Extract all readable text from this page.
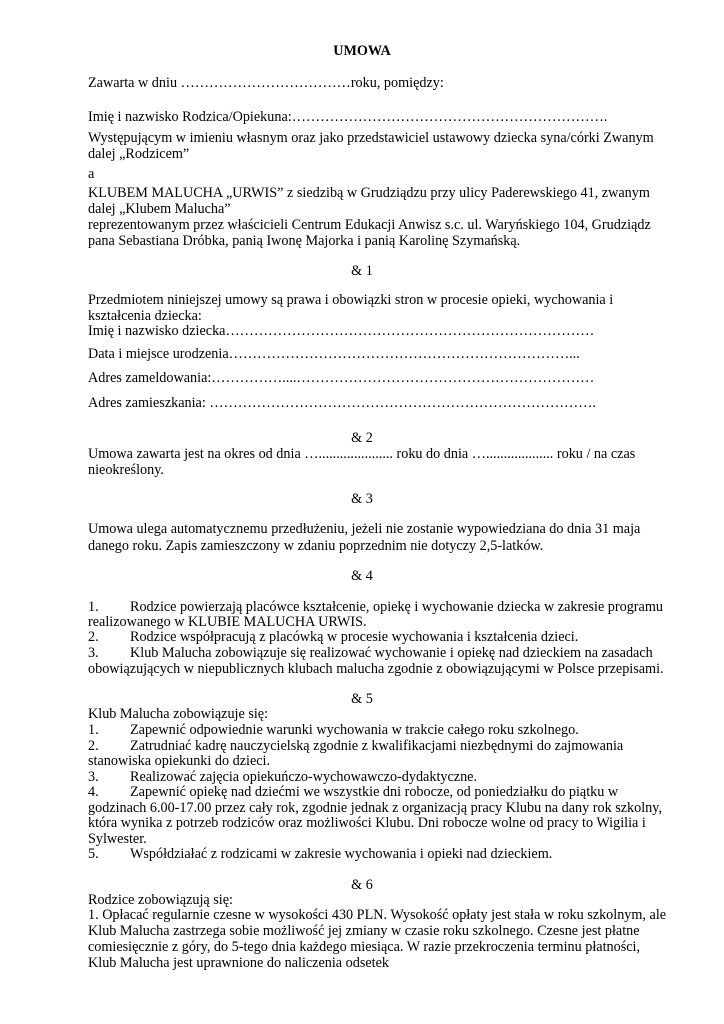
UMOWA
Zawarta w dniu ………………………………roku, pomiędzy:
Imię i nazwisko Rodzica/Opiekuna:………………………………………………………….
Występującym w imieniu własnym oraz jako przedstawiciel ustawowy dziecka syna/córki Zwanym
dalej „Rodzicem”
a
KLUBEM MALUCHA „URWIS” z siedzibą w Grudziądzu przy ulicy Paderewskiego 41, zwanym
dalej „Klubem Malucha”
reprezentowanym przez właścicieli Centrum Edukacji Anwisz s.c. ul. Waryńskiego 104, Grudziądz
pana Sebastiana Dróbka, panią Iwonę Majorka i panią Karolinę Szymańską.
& 1
Przedmiotem niniejszej umowy są prawa i obowiązki stron w procesie opieki, wychowania i
kształcenia dziecka:
Imię i nazwisko dziecka……………………………………………………………………
Data i miejsce urodzenia………………………………………………………………...
Adres zameldowania:……………....………………………………………………………
Adres zamieszkania: ……………………………………………………………………….
& 2
Umowa zawarta jest na okres od dnia …..................... roku do dnia …................... roku / na czas
nieokreślony.
& 3
Umowa ulega automatycznemu przedłużeniu, jeżeli nie zostanie wypowiedziana do dnia 31 maja
danego roku. Zapis zamieszczony w zdaniu poprzednim nie dotyczy 2,5-latków.
& 4
1. Rodzice powierzają placówce kształcenie, opiekę i wychowanie dziecka w zakresie programu
realizowanego w KLUBIE MALUCHA URWIS.
2. Rodzice współpracują z placówką w procesie wychowania i kształcenia dzieci.
3. Klub Malucha zobowiązuje się realizować wychowanie i opiekę nad dzieckiem na zasadach
obowiązujących w niepublicznych klubach malucha zgodnie z obowiązującymi w Polsce przepisami.
& 5
Klub Malucha zobowiązuje się:
1. Zapewnić odpowiednie warunki wychowania w trakcie całego roku szkolnego.
2. Zatrudniać kadrę nauczycielską zgodnie z kwalifikacjami niezbędnymi do zajmowania
stanowiska opiekunki do dzieci.
3. Realizować zajęcia opiekuńczo-wychowawczo-dydaktyczne.
4. Zapewnić opiekę nad dziećmi we wszystkie dni robocze, od poniedziałku do piątku w
godzinach 6.00-17.00 przez cały rok, zgodnie jednak z organizacją pracy Klubu na dany rok szkolny,
która wynika z potrzeb rodziców oraz możliwości Klubu. Dni robocze wolne od pracy to Wigilia i
Sylwester.
5. Współdziałać z rodzicami w zakresie wychowania i opieki nad dzieckiem.
& 6
Rodzice zobowiązują się:
1. Opłacać regularnie czesne w wysokości 430 PLN. Wysokość opłaty jest stała w roku szkolnym, ale
Klub Malucha zastrzega sobie możliwość jej zmiany w czasie roku szkolnego. Czesne jest płatne
comiesięcznie z góry, do 5-tego dnia każdego miesiąca. W razie przekroczenia terminu płatności,
Klub Malucha jest uprawnione do naliczenia odsetek
